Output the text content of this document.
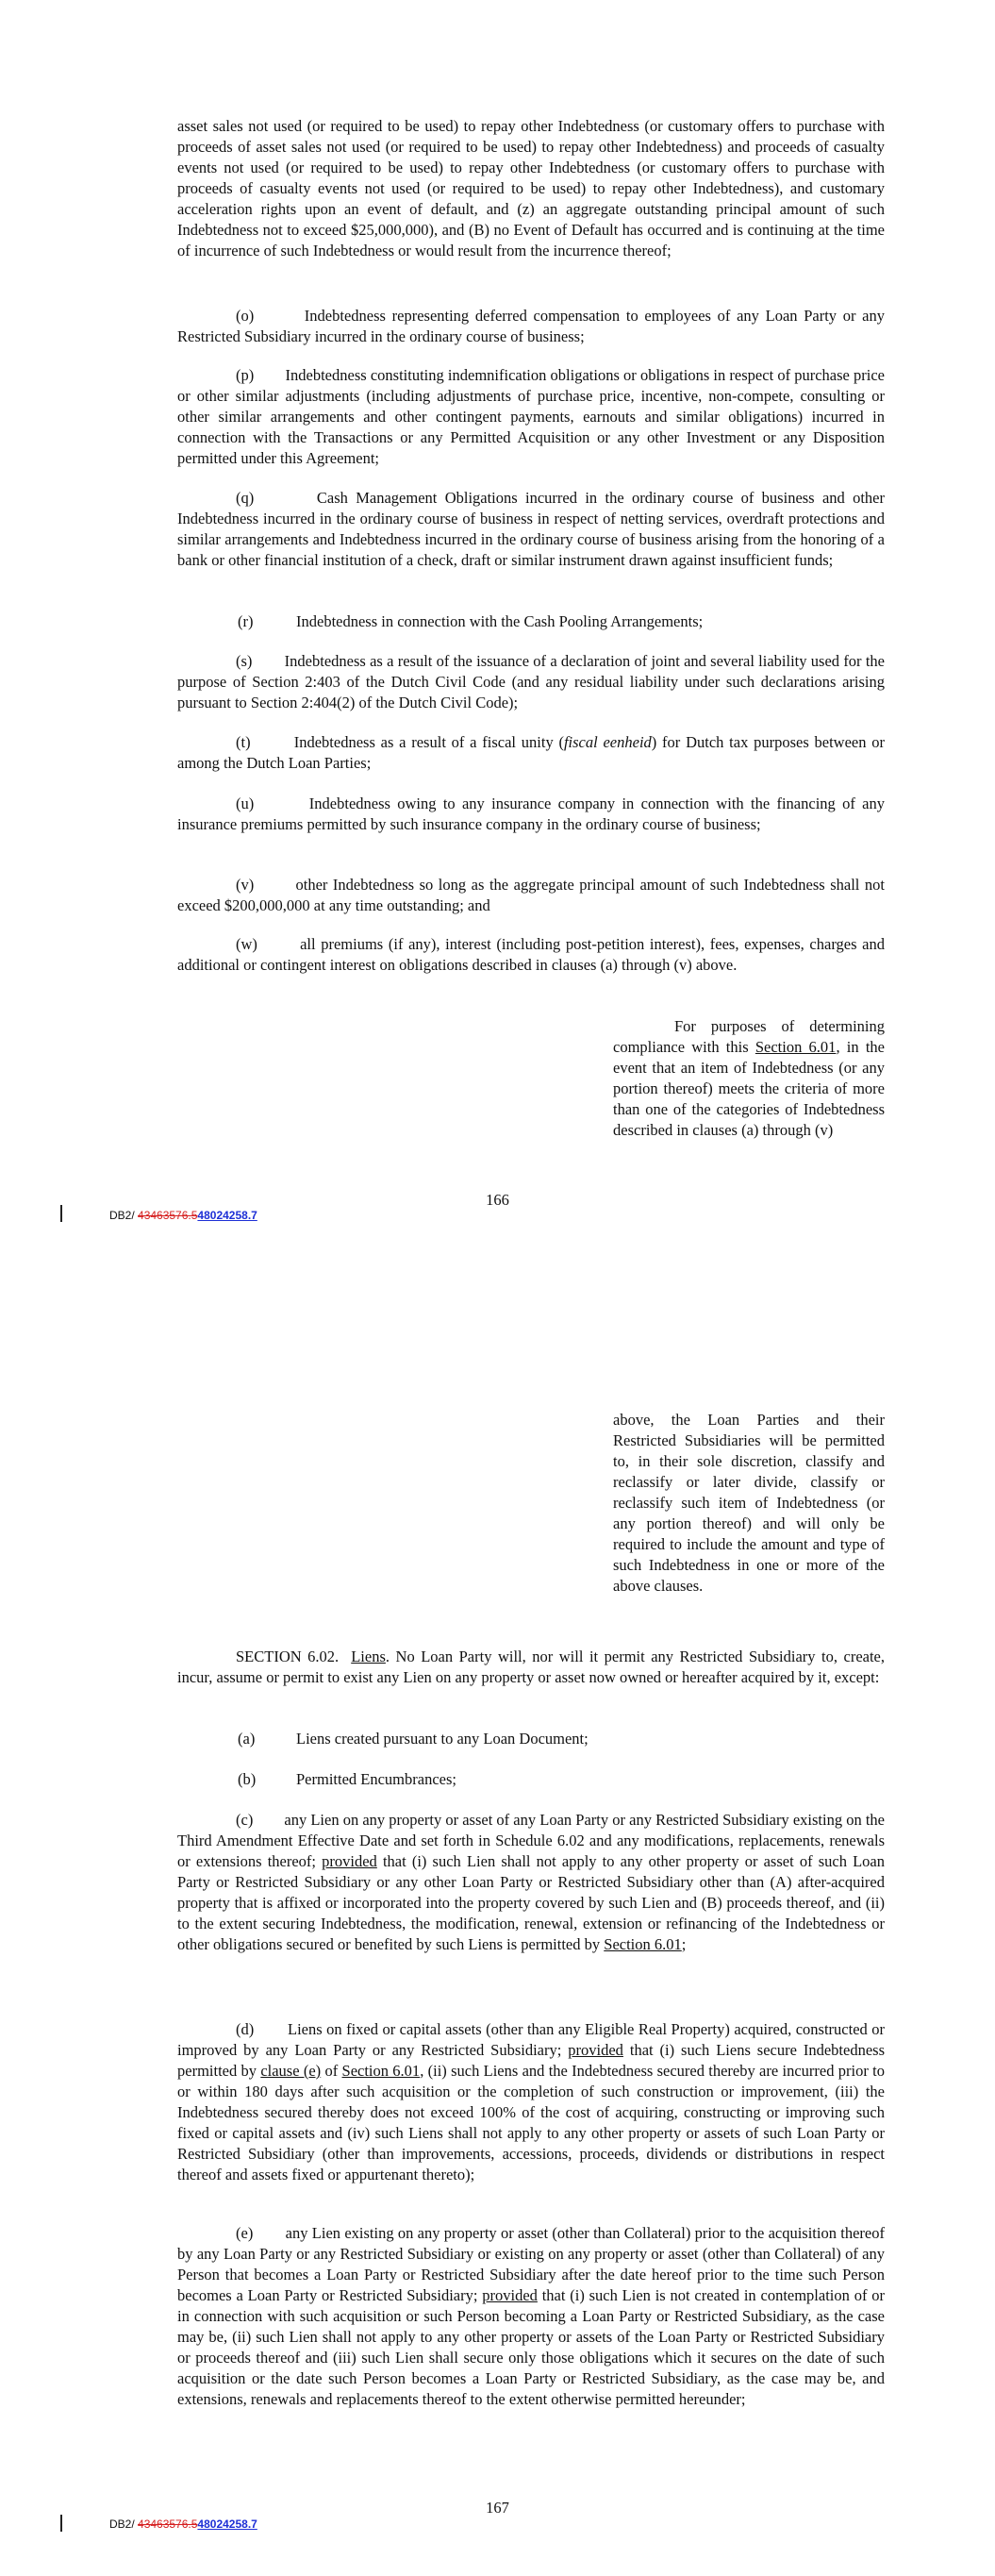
asset sales not used (or required to be used) to repay other Indebtedness (or customary offers to purchase with proceeds of asset sales not used (or required to be used) to repay other Indebtedness) and proceeds of casualty events not used (or required to be used) to repay other Indebtedness (or customary offers to purchase with proceeds of casualty events not used (or required to be used) to repay other Indebtedness), and customary acceleration rights upon an event of default, and (z) an aggregate outstanding principal amount of such Indebtedness not to exceed $25,000,000), and (B) no Event of Default has occurred and is continuing at the time of incurrence of such Indebtedness or would result from the incurrence thereof;

(o)        Indebtedness representing deferred compensation to employees of any Loan Party or any Restricted Subsidiary incurred in the ordinary course of business;

(p)        Indebtedness constituting indemnification obligations or obligations in respect of purchase price or other similar adjustments (including adjustments of purchase price, incentive, non-compete, consulting or other similar arrangements and other contingent payments, earnouts and similar obligations) incurred in connection with the Transactions or any Permitted Acquisition or any other Investment or any Disposition permitted under this Agreement;

(q)        Cash Management Obligations incurred in the ordinary course of business and other Indebtedness incurred in the ordinary course of business in respect of netting services, overdraft protections and similar arrangements and Indebtedness incurred in the ordinary course of business arising from the honoring of a bank or other financial institution of a check, draft or similar instrument drawn against insufficient funds;

(r)	Indebtedness in connection with the Cash Pooling Arrangements;

(s)        Indebtedness as a result of the issuance of a declaration of joint and several liability used for the purpose of Section 2:403 of the Dutch Civil Code (and any residual liability under such declarations arising pursuant to Section 2:404(2) of the Dutch Civil Code);

(t)        Indebtedness as a result of a fiscal unity (fiscal eenheid) for Dutch tax purposes between or among the Dutch Loan Parties;

(u)        Indebtedness owing to any insurance company in connection with the financing of any insurance premiums permitted by such insurance company in the ordinary course of business;

(v)        other Indebtedness so long as the aggregate principal amount of such Indebtedness shall not exceed $200,000,000 at any time outstanding; and

(w)        all premiums (if any), interest (including post-petition interest), fees, expenses, charges and additional or contingent interest on obligations described in clauses (a) through (v) above.

For purposes of determining compliance with this Section 6.01, in the event that an item of Indebtedness (or any portion thereof) meets the criteria of more than one of the categories of Indebtedness described in clauses (a) through (v)

166

DB2/ 43463576.548024258.7

above, the Loan Parties and their Restricted Subsidiaries will be permitted to, in their sole discretion, classify and reclassify or later divide, classify or reclassify such item of Indebtedness (or any portion thereof) and will only be required to include the amount and type of such Indebtedness in one or more of the above clauses.

SECTION 6.02. Liens. No Loan Party will, nor will it permit any Restricted Subsidiary to, create, incur, assume or permit to exist any Lien on any property or asset now owned or hereafter acquired by it, except:

(a)	Liens created pursuant to any Loan Document;

(b)	Permitted Encumbrances;

(c)        any Lien on any property or asset of any Loan Party or any Restricted Subsidiary existing on the Third Amendment Effective Date and set forth in Schedule 6.02 and any modifications, replacements, renewals or extensions thereof; provided that (i) such Lien shall not apply to any other property or asset of such Loan Party or Restricted Subsidiary or any other Loan Party or Restricted Subsidiary other than (A) after-acquired property that is affixed or incorporated into the property covered by such Lien and (B) proceeds thereof, and (ii) to the extent securing Indebtedness, the modification, renewal, extension or refinancing of the Indebtedness or other obligations secured or benefited by such Liens is permitted by Section 6.01;

(d)        Liens on fixed or capital assets (other than any Eligible Real Property) acquired, constructed or improved by any Loan Party or any Restricted Subsidiary; provided that (i) such Liens secure Indebtedness permitted by clause (e) of Section 6.01, (ii) such Liens and the Indebtedness secured thereby are incurred prior to or within 180 days after such acquisition or the completion of such construction or improvement, (iii) the Indebtedness secured thereby does not exceed 100% of the cost of acquiring, constructing or improving such fixed or capital assets and (iv) such Liens shall not apply to any other property or assets of such Loan Party or Restricted Subsidiary (other than improvements, accessions, proceeds, dividends or distributions in respect thereof and assets fixed or appurtenant thereto);

(e)        any Lien existing on any property or asset (other than Collateral) prior to the acquisition thereof by any Loan Party or any Restricted Subsidiary or existing on any property or asset (other than Collateral) of any Person that becomes a Loan Party or Restricted Subsidiary after the date hereof prior to the time such Person becomes a Loan Party or Restricted Subsidiary; provided that (i) such Lien is not created in contemplation of or in connection with such acquisition or such Person becoming a Loan Party or Restricted Subsidiary, as the case may be, (ii) such Lien shall not apply to any other property or assets of the Loan Party or Restricted Subsidiary or proceeds thereof and (iii) such Lien shall secure only those obligations which it secures on the date of such acquisition or the date such Person becomes a Loan Party or Restricted Subsidiary, as the case may be, and extensions, renewals and replacements thereof to the extent otherwise permitted hereunder;

167

DB2/ 43463576.548024258.7
